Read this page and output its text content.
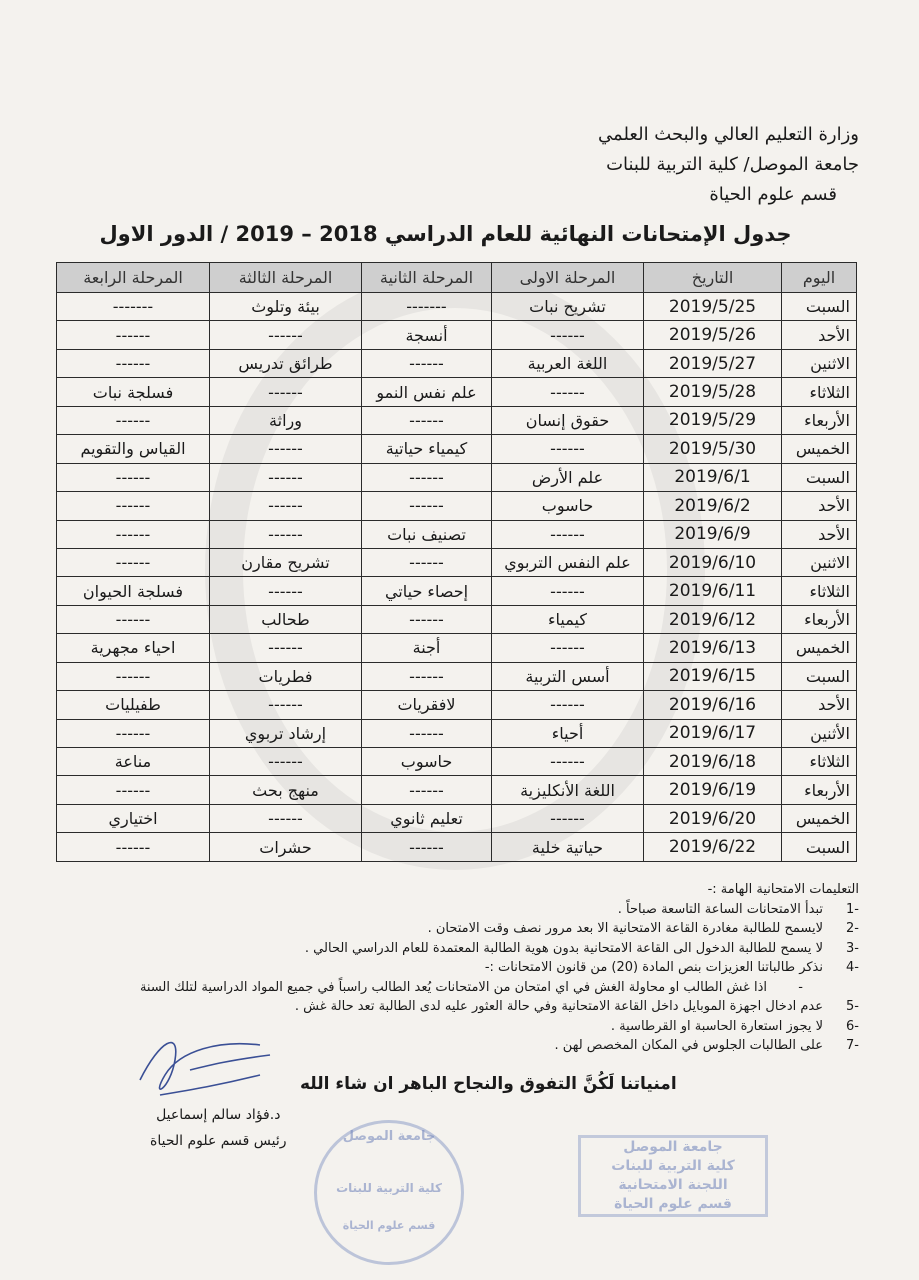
وزارة التعليم العالي والبحث العلمي
جامعة الموصل/ كلية التربية للبنات
قسم علوم الحياة
جدول الإمتحانات النهائية للعام الدراسي 2018 – 2019 / الدور الاول
اليوم	التاريخ	المرحلة الاولى	المرحلة الثانية	المرحلة الثالثة	المرحلة الرابعة
السبت	2019/5/25	تشريح نبات	-------	بيئة وتلوث	-------
الأحد	2019/5/26	------	أنسجة	------	------
الاثنين	2019/5/27	اللغة العربية	------	طرائق تدريس	------
الثلاثاء	2019/5/28	------	علم نفس النمو	------	فسلجة نبات
الأربعاء	2019/5/29	حقوق إنسان	------	وراثة	------
الخميس	2019/5/30	------	كيمياء حياتية	------	القياس والتقويم
السبت	2019/6/1	علم الأرض	------	------	------
الأحد	2019/6/2	حاسوب	------	------	------
الأحد	2019/6/9	------	تصنيف نبات	------	------
الاثنين	2019/6/10	علم النفس التربوي	------	تشريح مقارن	------
الثلاثاء	2019/6/11	------	إحصاء حياتي	------	فسلجة الحيوان
الأربعاء	2019/6/12	كيمياء	------	طحالب	------
الخميس	2019/6/13	------	أجنة	------	احياء مجهرية
السبت	2019/6/15	أسس التربية	------	فطريات	------
الأحد	2019/6/16	------	لافقريات	------	طفيليات
الأثنين	2019/6/17	أحياء	------	إرشاد تربوي	------
الثلاثاء	2019/6/18	------	حاسوب	------	مناعة
الأربعاء	2019/6/19	اللغة الأنكليزية	------	منهج بحث	------
الخميس	2019/6/20	------	تعليم ثانوي	------	اختياري
السبت	2019/6/22	حياتية خلية	------	حشرات	------
التعليمات الامتحانية الهامة :-
-1
تبدأ الامتحانات الساعة التاسعة صباحاً .
-2
لايسمح للطالبة مغادرة القاعة الامتحانية الا بعد مرور نصف وقت الامتحان .
-3
لا يسمح للطالبة الدخول الى القاعة الامتحانية بدون هوية الطالبة المعتمدة للعام الدراسي الحالي .
-4
نذكر طالباتنا العزيزات بنص المادة (20) من قانون الامتحانات :-
-
اذا غش الطالب او محاولة الغش في اي امتحان من الامتحانات يُعد الطالب راسباً في جميع المواد الدراسية لتلك السنة
-5
عدم ادخال اجهزة الموبايل داخل القاعة الامتحانية وفي حالة العثور عليه لدى الطالبة تعد حالة غش .
-6
لا يجوز استعارة الحاسبة او القرطاسية .
-7
على الطالبات الجلوس في المكان المخصص لهن .
امنياتنا لَكُنَّ التفوق والنجاح الباهر ان شاء الله
د.فؤاد سالم إسماعيل
رئيس قسم علوم الحياة	جامعة الموصل
كلية التربية للبنات
قسم علوم الحياة
جامعة الموصل
كلية التربية للبنات
اللجنة الامتحانية
قسم علوم الحياة
